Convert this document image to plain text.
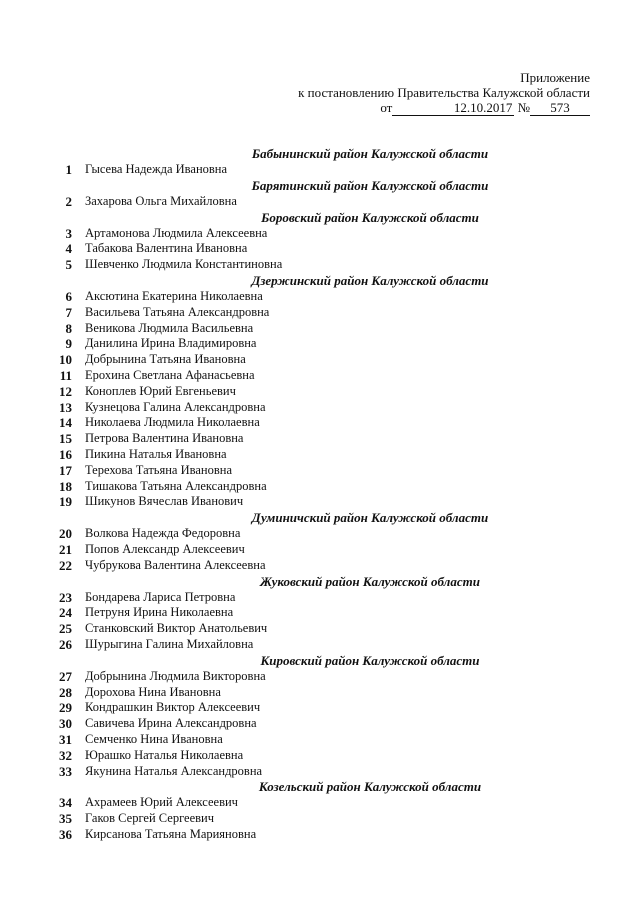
Приложение
к постановлению Правительства Калужской области
от	12.10.2017 № 573
Бабынинский район Калужской области
1 Гысева Надежда Ивановна
Барятинский район Калужской области
2 Захарова Ольга Михайловна
Боровский район Калужской области
3 Артамонова Людмила Алексеевна
4 Табакова Валентина Ивановна
5 Шевченко Людмила Константиновна
Дзержинский район Калужской области
6 Аксютина Екатерина Николаевна
7 Васильева Татьяна Александровна
8 Веникова Людмила Васильевна
9 Данилина Ирина Владимировна
10 Добрынина Татьяна Ивановна
11 Ерохина Светлана Афанасьевна
12 Коноплев Юрий Евгеньевич
13 Кузнецова Галина Александровна
14 Николаева Людмила Николаевна
15 Петрова Валентина Ивановна
16 Пикина Наталья Ивановна
17 Терехова Татьяна Ивановна
18 Тишакова Татьяна Александровна
19 Шикунов Вячеслав Иванович
Думиничский район Калужской области
20 Волкова Надежда Федоровна
21 Попов Александр Алексеевич
22 Чубрукова Валентина Алексеевна
Жуковский район Калужской области
23 Бондарева Лариса Петровна
24 Петруня Ирина Николаевна
25 Станковский Виктор Анатольевич
26 Шурыгина Галина Михайловна
Кировский район Калужской области
27 Добрынина Людмила Викторовна
28 Дорохова Нина Ивановна
29 Кондрашкин Виктор Алексеевич
30 Савичева Ирина Александровна
31 Семченко Нина Ивановна
32 Юрашко Наталья Николаевна
33 Якунина Наталья Александровна
Козельский район Калужской области
34 Ахрамеев Юрий Алексеевич
35 Гаков Сергей Сергеевич
36 Кирсанова Татьяна Марияновна
